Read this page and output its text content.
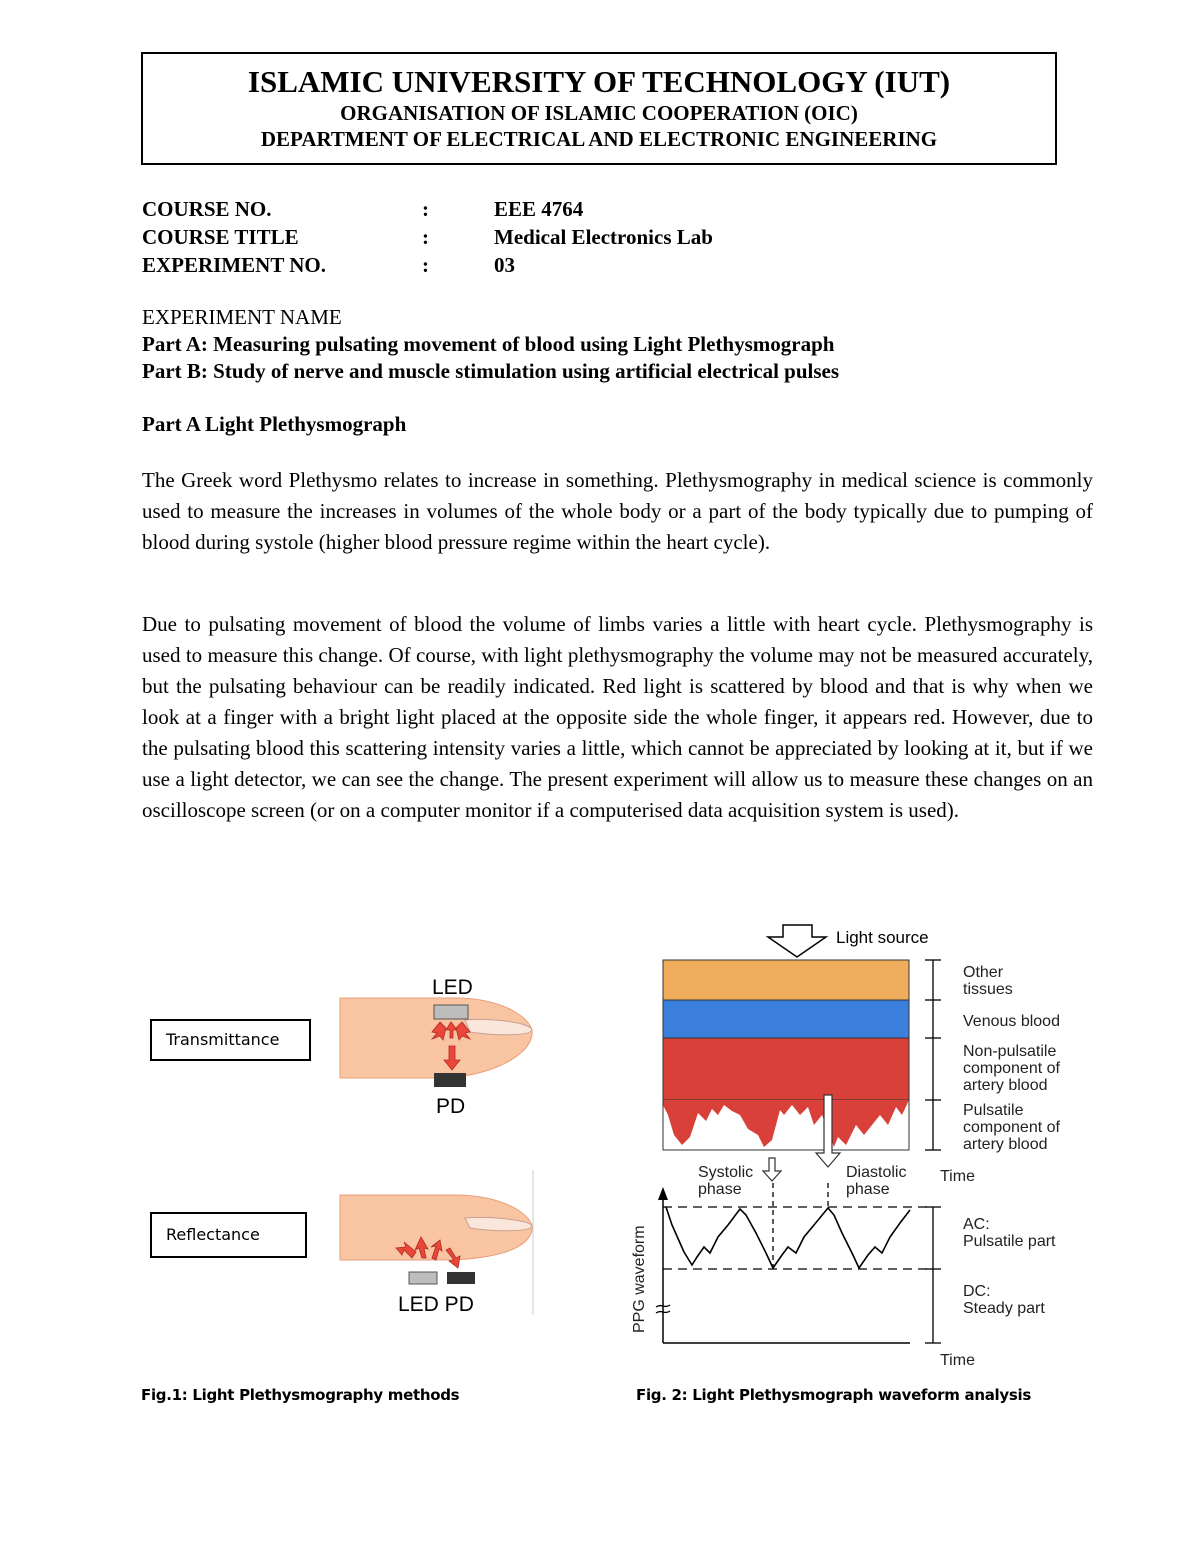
ISLAMIC UNIVERSITY OF TECHNOLOGY (IUT)
ORGANISATION OF ISLAMIC COOPERATION (OIC)
DEPARTMENT OF ELECTRICAL AND ELECTRONIC ENGINEERING
COURSE NO.	:	EEE 4764
COURSE TITLE	:	Medical Electronics Lab
EXPERIMENT NO.	:	03
EXPERIMENT NAME
Part A: Measuring pulsating movement of blood using Light Plethysmograph
Part B: Study of nerve and muscle stimulation using artificial electrical pulses
Part A Light Plethysmograph

The Greek word Plethysmo relates to increase in something. Plethysmography in medical science is commonly used to measure the increases in volumes of the whole body or a part of the body typically due to pumping of blood during systole (higher blood pressure regime within the heart cycle).

Due to pulsating movement of blood the volume of limbs varies a little with heart cycle. Plethysmography is used to measure this change. Of course, with light plethysmography the volume may not be measured accurately, but the pulsating behaviour can be readily indicated. Red light is scattered by blood and that is why when we look at a finger with a bright light placed at the opposite side the whole finger, it appears red. However, due to the pulsating blood this scattering intensity varies a little, which cannot be appreciated by looking at it, but if we use a light detector, we can see the change. The present experiment will allow us to measure these changes on an oscilloscope screen (or on a computer monitor if a computerised data acquisition system is used).

LED
PD
LED PD
Transmittance
Reflectance
Light source
Other tissues
Venous blood
Non-pulsatile component of artery blood
Pulsatile component of artery blood
Time
Systolic phase
Diastolic phase
PPG waveform
AC: Pulsatile part
DC: Steady part
Time
Fig.1: Light Plethysmography methods	Fig. 2: Light Plethysmograph waveform analysis
